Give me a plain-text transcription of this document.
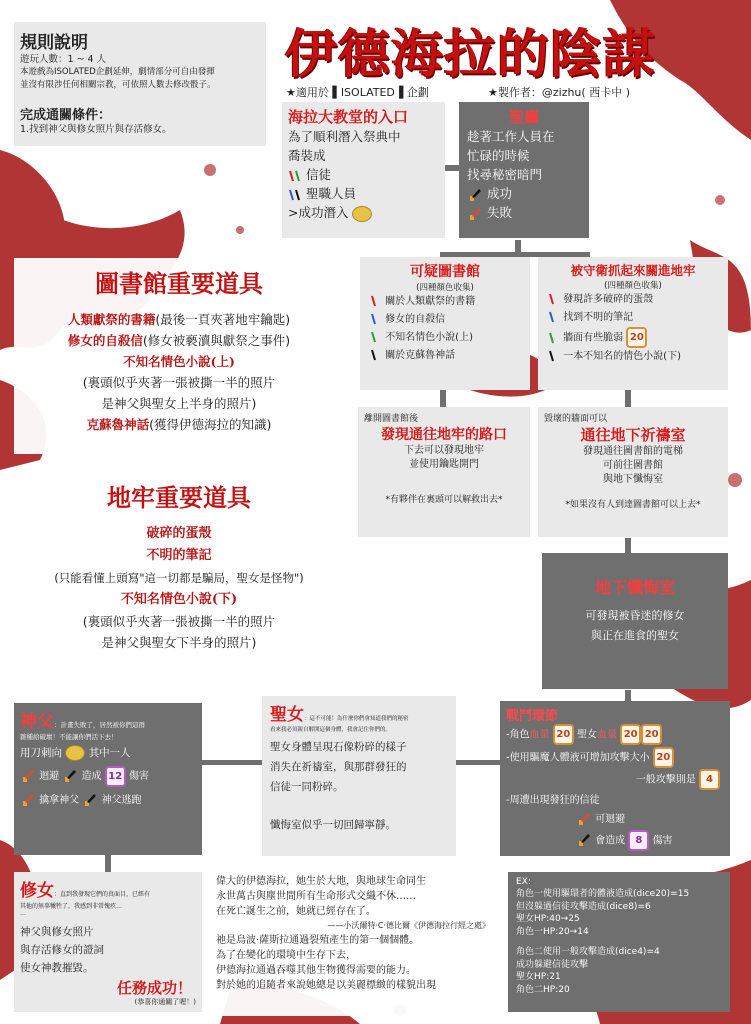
規則說明
遊玩人數：1 ~ 4 人
本遊戲為ISOLATED企劃延伸，劇情部分可自由發揮
並沒有限涉任何相關宗教，可依照人數去修改骰子。
完成通關條件：
1.找到神父與修女照片與存活修女。
伊德海拉的陰謀
★適用於 ▌ISOLATED▐ 企劃	★製作者：@zizhu( 西卡中 )
海拉大教堂的入口
為了順利潛入祭典中
喬裝成
信徒
聖職人員
>成功潛入
聖廳
趁著工作人員在
忙碌的時候
找尋秘密暗門
成功
失敗
圖書館重要道具
人類獻祭的書籍(最後一頁夾著地牢鑰匙)
修女的自殺信(修女被褻瀆與獻祭之事件)
不知名情色小說(上)
(裏頭似乎夾著一張被撕一半的照片
是神父與聖女上半身的照片)
克蘇魯神話(獲得伊德海拉的知識)
可疑圖書館
(四種顏色收集)
關於人類獻祭的書籍
修女的自殺信
不知名情色小說(上)
關於克蘇魯神話
被守衛抓起來關進地牢
(四種顏色收集)
發現許多破碎的蛋殼
找到不明的筆記
牆面有些脆弱 20
一本不知名的情色小說(下)
離開圖書館後
發現通往地牢的路口
下去可以發現地牢
並使用鑰匙開門
*有夥伴在裏頭可以解救出去*
毀壞的牆面可以
通往地下祈禱室
發現通往圖書館的電梯
可前往圖書館
與地下懺悔室
*如果沒有人到達圖書館可以上去*
地牢重要道具
破碎的蛋殼
不明的筆記
(只能看懂上頭寫"這一切都是騙局，聖女是怪物")
不知名情色小說(下)
(裏頭似乎夾著一張被撕一半的照片
是神父與聖女下半身的照片)
地下懺悔室
可發現被昏迷的修女
與正在進食的聖女
戰鬥環節
-角色血量 20 聖女血量 20 20
-使用驅魔人體液可增加攻擊大小 20
一般攻擊則是 4
-周遭出現發狂的信徒
可迴避
會造成 8 傷害
神父：計畫失敗了，居然被你們這群
雜種給破壞！不能讓你們活下去！
用刀刺向	其中一人
迴避 造成 12 傷害
擒拿神父 神父逃跑
聖女：這不可能！為什麼你們會知道我們的秘密
看來我必須親自解開這個身體，我會記住你們的。
聖女身體呈現石像粉碎的樣子
消失在祈禱室，與那群發狂的
信徒一同粉碎。
懺悔室似乎一切回歸寧靜。
修女：直到我發現它們的真面目，已經有
其他的無辜犧牲了，我感到非常愧疚…
…
神父與修女照片
與存活修女的證詞
使女神教摧毀。
任務成功！
(恭喜你通關了喔！)
偉大的伊德海拉，她生於大地，與地球生命同生
永世萬古與塵世間所有生命形式交織不休……
在死亡誕生之前，她就已經存在了。
——小沃爾特·C·德比爾《伊德海拉行經之處》
祂是烏波·薩斯拉通過裂殖產生的第一個個體。
為了在變化的環境中生存下去，
伊德海拉通過吞噬其他生物獲得需要的能力。
對於她的追隨者來說她總是以美麗標緻的樣貌出現
EX:
角色一使用驅環者的體液造成(dice20)=15
但沒躲過信徒攻擊造成(dice8)=6
聖女HP:40→25
角色一HP:20→14
角色二使用一般攻擊造成(dice4)=4
成功躲避信徒攻擊
聖女HP:21
角色二HP:20
